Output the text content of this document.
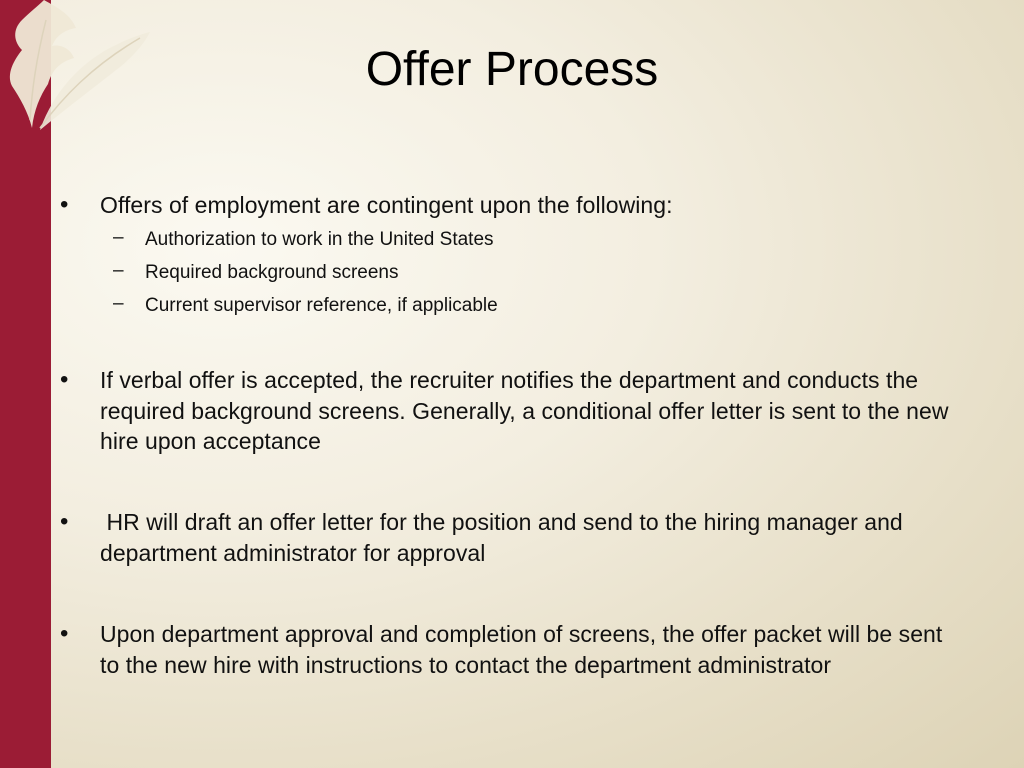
Offer Process
• Offers of employment are contingent upon the following:
– Authorization to work in the United States
– Required background screens
– Current supervisor reference, if applicable
• If verbal offer is accepted, the recruiter notifies the department and conducts the required background screens. Generally, a conditional offer letter is sent to the new hire upon acceptance
• HR will draft an offer letter for the position and send to the hiring manager and department administrator for approval
• Upon department approval and completion of screens, the offer packet will be sent to the new hire with instructions to contact the department administrator
